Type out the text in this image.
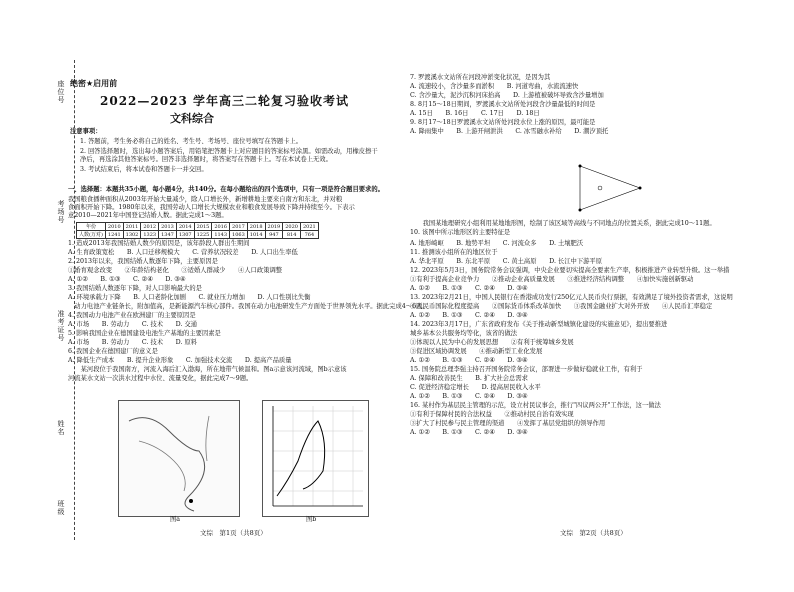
座位号
考场号
准考证号
姓名
班级
绝密★启用前
2022—2023 学年高三二轮复习验收考试
文科综合
注意事项：
1. 答题前，考生务必将自己的姓名、考生号、考场号、座位号填写在答题卡上。
2. 回答选择题时，选出每小题答案后，用铅笔把答题卡上对应题目的答案标号涂黑。如需改动，用橡皮擦干净后，再选涂其他答案标号。回答非选择题时，将答案写在答题卡上。写在本试卷上无效。
3. 考试结束后，将本试卷和答题卡一并交回。
一、选择题：本题共35小题，每小题4分，共140分。在每小题给出的四个选项中，只有一项是符合题目要求的。
我国粮食播种面积从2003年开始大量减少，除人口增长外，新增耕地主要来自南方和东北，并对粮
食面积开始下降。1980年以来，我国劳动人口增长大规模农业和粮食发展导致下降并持续至今。下表示
意2010—2021年中国登记结婚人数。据此完成1～3题。
年份	2010	2011	2012	2013	2014	2015	2016	2017	2018	2019	2020	2021
人数(万对)	1241	1302	1323	1347	1307	1225	1143	1063	1014	947	814	764
1. 造成2013年我国结婚人数少的原因是，该年龄段人群出生期间
A. 生育政策宽松　　B. 人口迁移规模大　　C. 营养状况较差　　D. 人口出生率低
2. 2013年以来，我国结婚人数逐年下降，主要原因是
①婚育观念改变　　②年龄结构老化　　③适婚人群减少　　④人口政策调整
A. ①②　　B. ①③　　C. ②④　　D. ③④
3. 我国结婚人数逐年下降，对人口影响最大的是
A. 环境承载力下降　　B. 人口老龄化加剧　　C. 就业压力增加　　D. 人口性别比失衡
　动力电池产业链条长，附加值高，是新能源汽车核心部件。我国在动力电池研发生产方面处于世界领先水平。据此完成4～6题。
4. 我国动力电池产业在欧洲建厂的主要原因是
A. 市场　　B. 劳动力　　C. 技术　　D. 交通
5. 影响我国企业在德国建设电池生产基地的主要因素是
A. 市场　　B. 劳动力　　C. 技术　　D. 原料
6. 我国企业在德国建厂的意义是
A. 降低生产成本　　B. 提升企业形象　　C. 加强技术交流　　D. 提高产品质量
　　某河段位于我国南方，河流入海后汇入渤海，所在地带气候温和。图a示意该河流域，图b示意该
河流某水文站一次洪水过程中水位、流量变化，据此完成7～9题。
图a	图b
7. 罗渡溪水文站所在河段冲淤变化状况，是因为其
A. 流速较小，含沙量多而淤积　　B. 河道弯曲，水流流速快
C. 含沙量大，泥沙沉积河床抬高　　D. 上游植被破坏导致含沙量增加
8. 8月15～18日期间，罗渡溪水文站所处河段含沙量最低的时间是
A. 15日　　B. 16日　　C. 17日　　D. 18日
9. 8月17～18日罗渡溪水文站所处河段水位上涨的原因，最可能是
A. 降雨集中　　B. 上游开闸泄洪　　C. 冰雪融水补给　　D. 潮汐顶托
　　我国某地理研究小组利用某地地形图，绘制了该区域等高线与不同地点的位置关系，据此完成10～11题。
10. 该图中所示地形区的主要特征是
A. 地形崎岖　　B. 地势平坦　　C. 河流众多　　D. 土壤肥沃
11. 推测该小组所在的地区位于
A. 华北平原　　B. 东北平原　　C. 黄土高原　　D. 长江中下游平原
12. 2023年5月3日，国务院常务会议强调，中央企业要切实提高全要素生产率，积极推进产业转型升级。这一举措
①有利于提高企业竞争力　　②推动企业高质量发展　　③推进经济结构调整　　④加快实施创新驱动
A. ①②　　B. ①③　　C. ②④　　D. ③④
13. 2023年2月21日，中国人民银行在香港成功发行250亿元人民币央行票据，有效满足了境外投资者需求，这说明
①人民币国际化程度提高　　②国际货币体系改革加快　　③我国金融业扩大对外开放　　④人民币汇率稳定
A. ①②　　B. ①③　　C. ②④　　D. ③④
14. 2023年3月17日，广东省政府发布《关于推动新型城镇化建设的实施意见》，提出要推进
城乡基本公共服务均等化，该省的做法
①体现以人民为中心的发展思想　　②有利于统筹城乡发展
③促进区域协调发展　　④推动新型工业化发展
A. ①②　　B. ①③　　C. ②④　　D. ③④
15. 国务院总理李强主持召开国务院常务会议，部署进一步做好稳就业工作，有利于
A. 保障和改善民生　　B. 扩大社会总需求
C. 促进经济稳定增长　　D. 提高居民收入水平
A. ①②　　B. ①③　　C. ②④　　D. ③④
16. 某村作为基层民主管理的示范，设立村民议事会，推行"四议两公开"工作法，这一做法
①有利于保障村民的合法权益　　②推动村民自治有效实现
③扩大了村民参与民主管理的渠道　　④发挥了基层党组织的领导作用
A. ①②　　B. ①③　　C. ②④　　D. ③④
文综　第1页（共8页）	文综　第2页（共8页）
